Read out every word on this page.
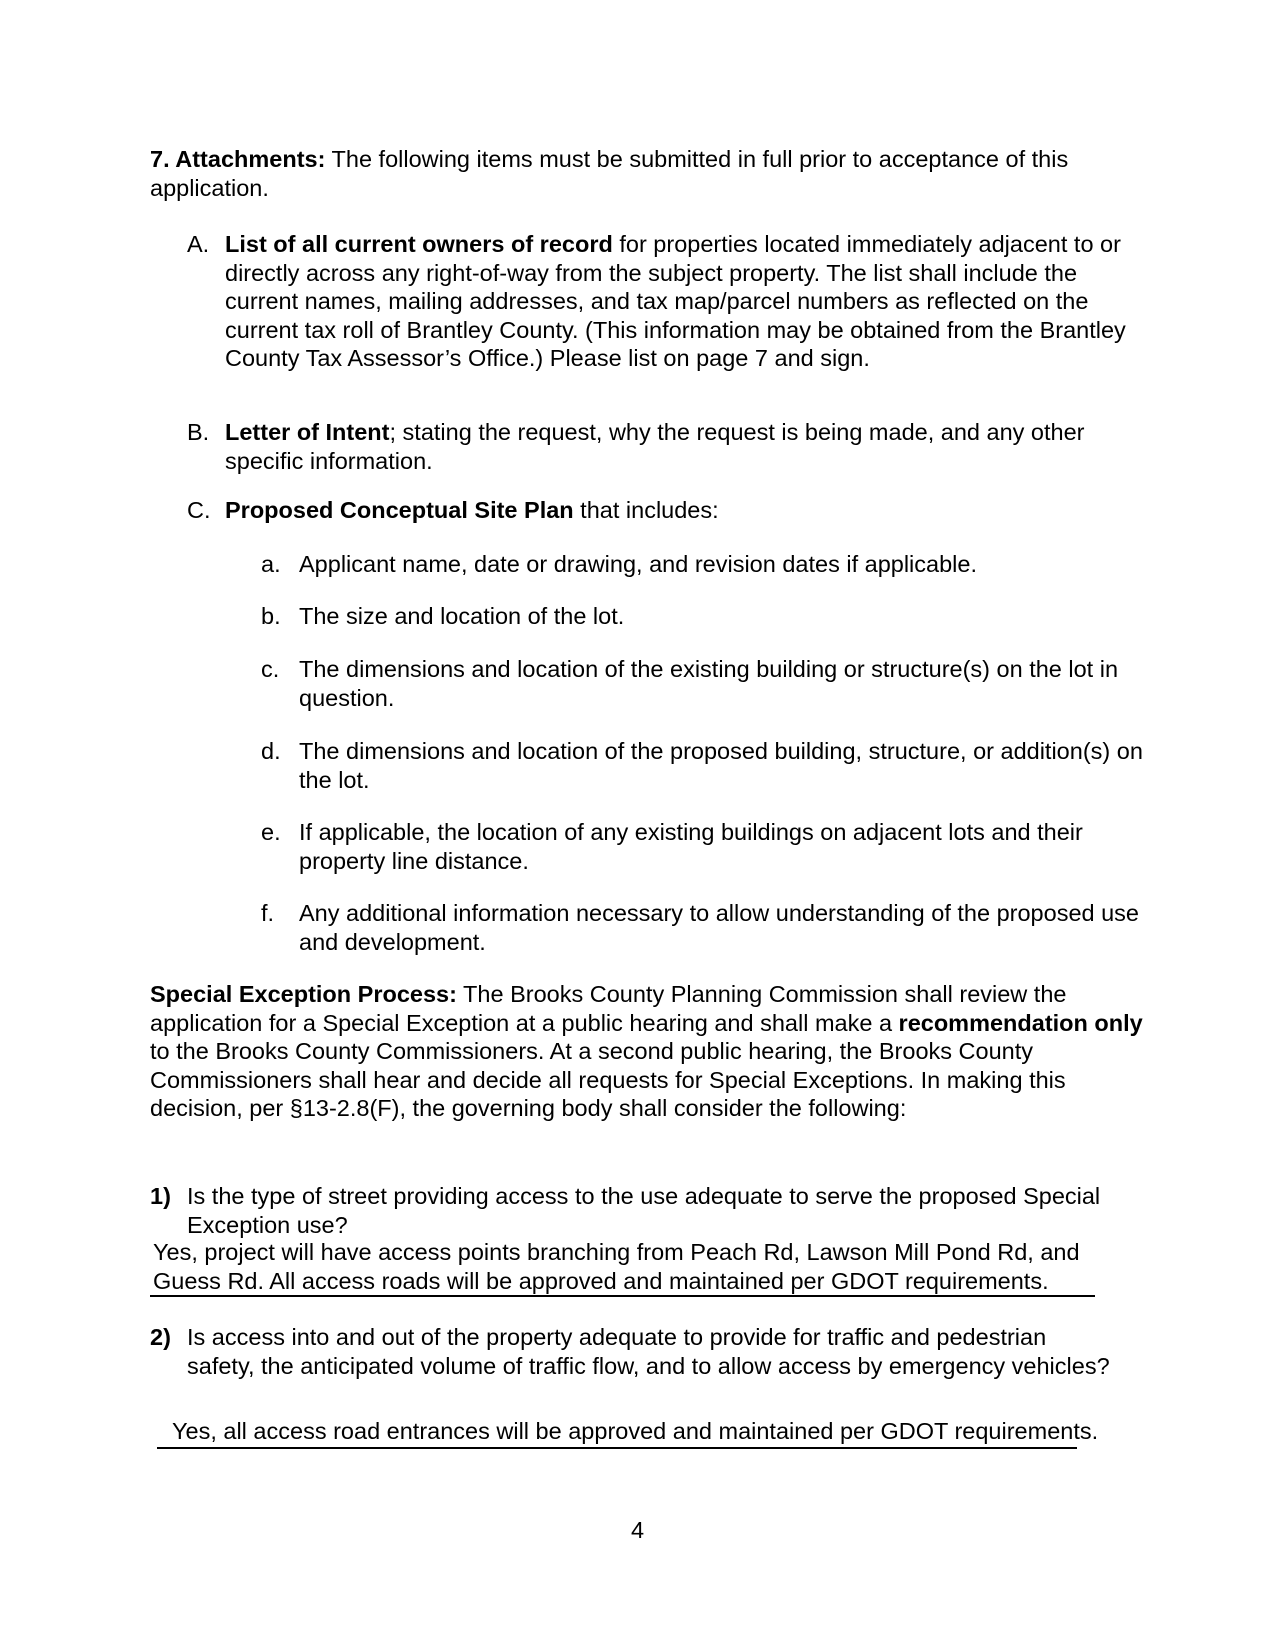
7. Attachments: The following items must be submitted in full prior to acceptance of this application.

A. List of all current owners of record for properties located immediately adjacent to or directly across any right-of-way from the subject property. The list shall include the current names, mailing addresses, and tax map/parcel numbers as reflected on the current tax roll of Brantley County. (This information may be obtained from the Brantley County Tax Assessor’s Office.) Please list on page 7 and sign.
B. Letter of Intent; stating the request, why the request is being made, and any other specific information.
C. Proposed Conceptual Site Plan that includes:
a. Applicant name, date or drawing, and revision dates if applicable.
b. The size and location of the lot.
c. The dimensions and location of the existing building or structure(s) on the lot in question.
d. The dimensions and location of the proposed building, structure, or addition(s) on the lot.
e. If applicable, the location of any existing buildings on adjacent lots and their property line distance.
f. Any additional information necessary to allow understanding of the proposed use and development.

Special Exception Process: The Brooks County Planning Commission shall review the application for a Special Exception at a public hearing and shall make a recommendation only to the Brooks County Commissioners. At a second public hearing, the Brooks County Commissioners shall hear and decide all requests for Special Exceptions. In making this decision, per §13-2.8(F), the governing body shall consider the following:

1) Is the type of street providing access to the use adequate to serve the proposed Special Exception use?
Yes, project will have access points branching from Peach Rd, Lawson Mill Pond Rd, and
Guess Rd. All access roads will be approved and maintained per GDOT requirements.
2) Is access into and out of the property adequate to provide for traffic and pedestrian safety, the anticipated volume of traffic flow, and to allow access by emergency vehicles?
Yes, all access road entrances will be approved and maintained per GDOT requirements.
4
